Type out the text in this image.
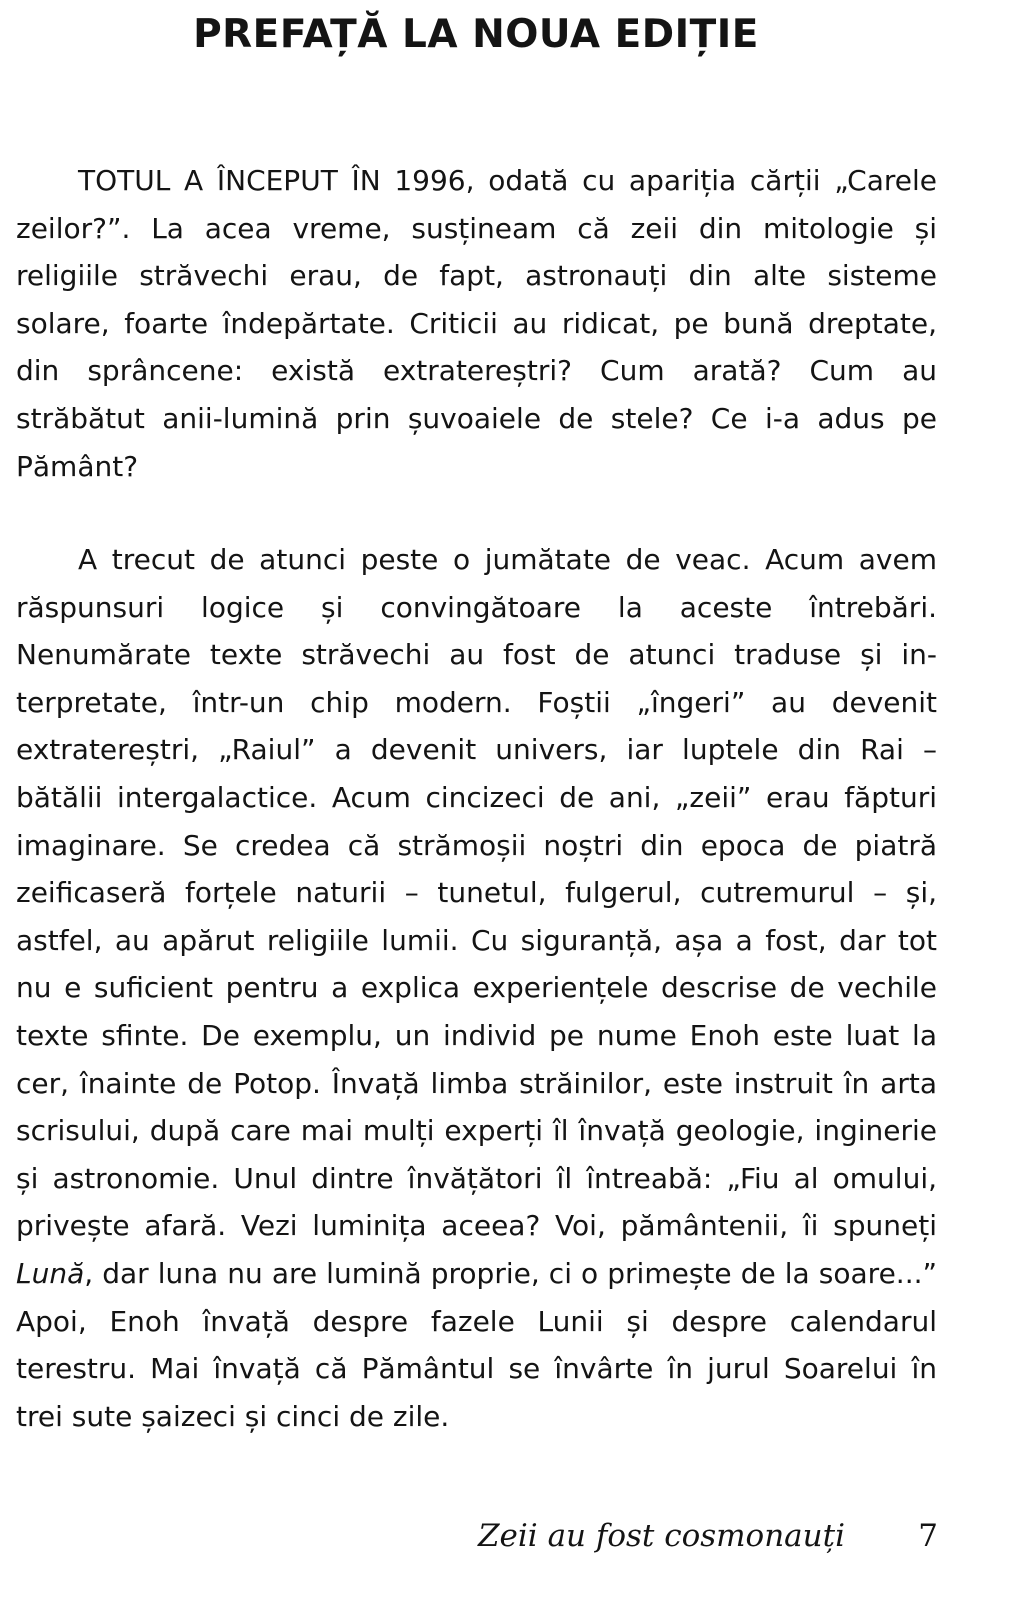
PREFAȚĂ LA NOUA EDIȚIE

TOTUL A ÎNCEPUT ÎN 1996, odată cu apariția cărții „Carele zeilor?”. La acea vreme, susțineam că zeii din mitologie și religiile străvechi erau, de fapt, astronauți din alte sisteme solare, foarte îndepărtate. Criticii au ridicat, pe bună dreptate, din sprâncene: există extratereștri? Cum arată? Cum au străbătut anii-lumină prin șuvoaiele de stele? Ce i-a adus pe Pământ?

A trecut de atunci peste o jumătate de veac. Acum avem răspunsuri logice și convingătoare la aceste întrebări. Nenumărate texte străvechi au fost de atunci traduse și interpretate, într-un chip modern. Foștii „îngeri” au devenit extratereștri, „Raiul” a devenit univers, iar luptele din Rai – bătălii intergalactice. Acum cincizeci de ani, „zeii” erau făpturi imaginare. Se credea că strămoșii noștri din epoca de piatră zeificaseră forțele naturii – tunetul, fulgerul, cutremurul – și, astfel, au apărut religiile lumii. Cu siguranță, așa a fost, dar tot nu e suficient pentru a explica experiențele descrise de vechile texte sfinte. De exemplu, un individ pe nume Enoh este luat la cer, înainte de Potop. Învață limba străinilor, este instruit în arta scrisului, după care mai mulți experți îl învață geologie, inginerie și astronomie. Unul dintre învățători îl întreabă: „Fiu al omului, privește afară. Vezi luminița aceea? Voi, pământenii, îi spuneți Lună, dar luna nu are lumină proprie, ci o primește de la soare...” Apoi, Enoh învață despre fazele Lunii și despre calendarul terestru. Mai învață că Pământul se învârte în jurul Soarelui în trei sute șaizeci și cinci de zile.

Zeii au fost cosmonauți 7
